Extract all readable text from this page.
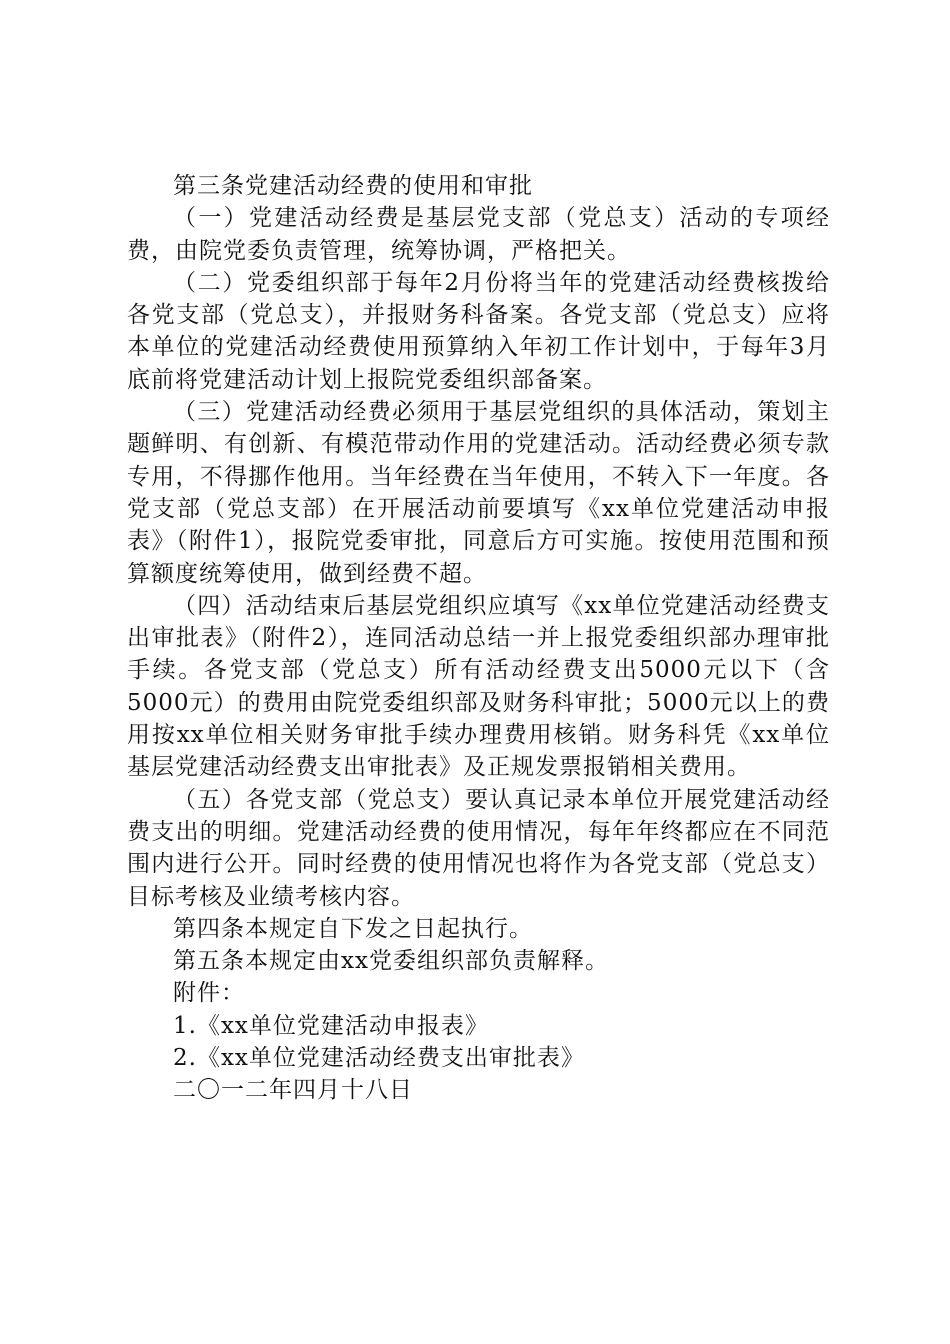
第三条党建活动经费的使用和审批

（一）党建活动经费是基层党支部（党总支）活动的专项经费，由院党委负责管理，统筹协调，严格把关。

（二）党委组织部于每年2月份将当年的党建活动经费核拨给各党支部（党总支），并报财务科备案。各党支部（党总支）应将本单位的党建活动经费使用预算纳入年初工作计划中，于每年3月底前将党建活动计划上报院党委组织部备案。

（三）党建活动经费必须用于基层党组织的具体活动，策划主题鲜明、有创新、有模范带动作用的党建活动。活动经费必须专款专用，不得挪作他用。当年经费在当年使用，不转入下一年度。各党支部（党总支部）在开展活动前要填写《xx单位党建活动申报表》（附件1），报院党委审批，同意后方可实施。按使用范围和预算额度统筹使用，做到经费不超。

（四）活动结束后基层党组织应填写《xx单位党建活动经费支出审批表》（附件2），连同活动总结一并上报党委组织部办理审批手续。各党支部（党总支）所有活动经费支出5000元以下（含5000元）的费用由院党委组织部及财务科审批；5000元以上的费用按xx单位相关财务审批手续办理费用核销。财务科凭《xx单位基层党建活动经费支出审批表》及正规发票报销相关费用。

（五）各党支部（党总支）要认真记录本单位开展党建活动经费支出的明细。党建活动经费的使用情况，每年年终都应在不同范围内进行公开。同时经费的使用情况也将作为各党支部（党总支）目标考核及业绩考核内容。

第四条本规定自下发之日起执行。

第五条本规定由xx党委组织部负责解释。

附件：

1.《xx单位党建活动申报表》

2.《xx单位党建活动经费支出审批表》

二〇一二年四月十八日
